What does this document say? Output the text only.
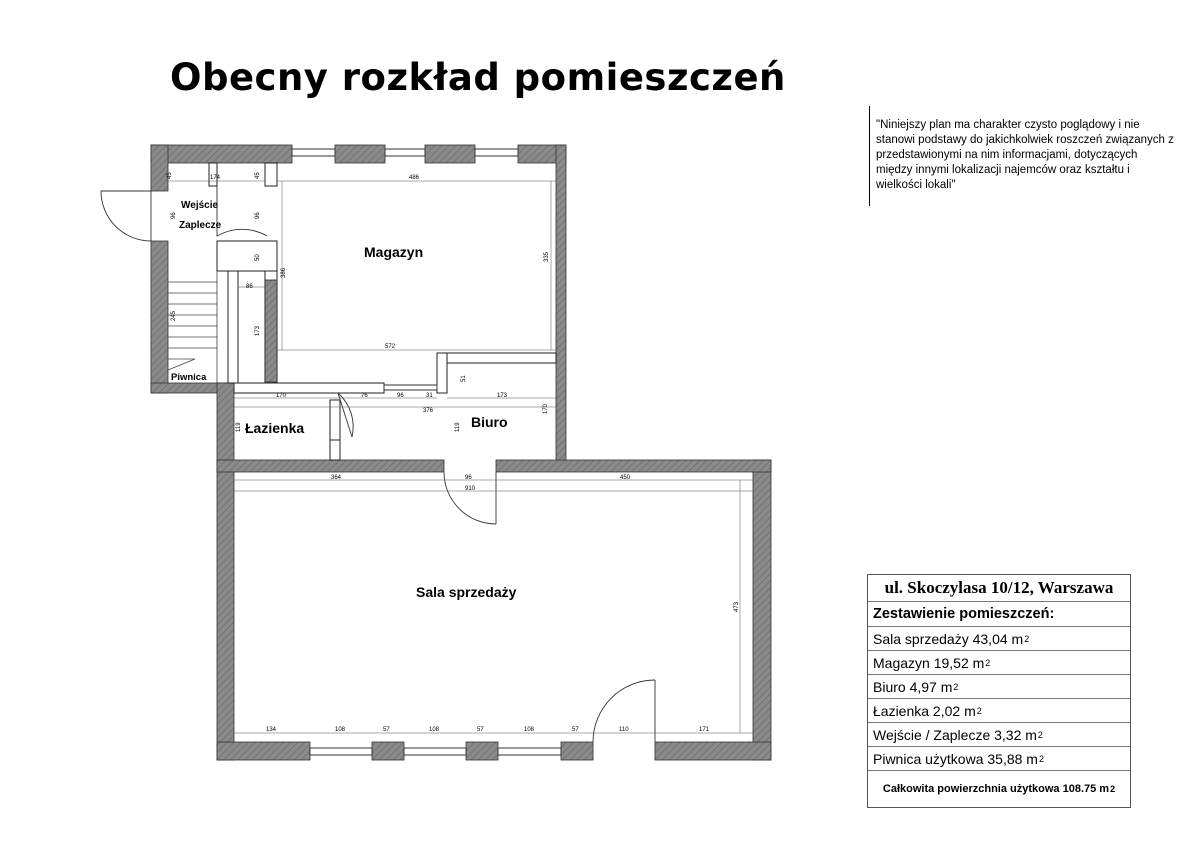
Obecny rozkład pomieszczeń
"Niniejszy plan ma charakter czysto poglądowy i nie stanowi podstawy do jakichkolwiek roszczeń związanych z przedstawionymi na nim informacjami, dotyczących między innymi lokalizacji najemców oraz kształtu i wielkości lokali"
Wejście
Zaplecze
Magazyn
Piwnica
Łazienka	Biuro
Sala sprzedaży
45	174	45	486
96	96
50
386
335
86
173
245
572
170	76	96	31	173
376
51
170
119	119
364	96
910
450
473
134	108	57	108	57	108	57	110	171
ul. Skoczylasa 10/12, Warszawa
Zestawienie pomieszczeń:
Sala sprzedaży 43,04 m 2
Magazyn 19,52 m 2
Biuro 4,97 m 2
Łazienka 2,02 m 2
Wejście / Zaplecze 3,32 m 2
Piwnica użytkowa 35,88 m 2
Całkowita powierzchnia użytkowa 108.75 m 2
